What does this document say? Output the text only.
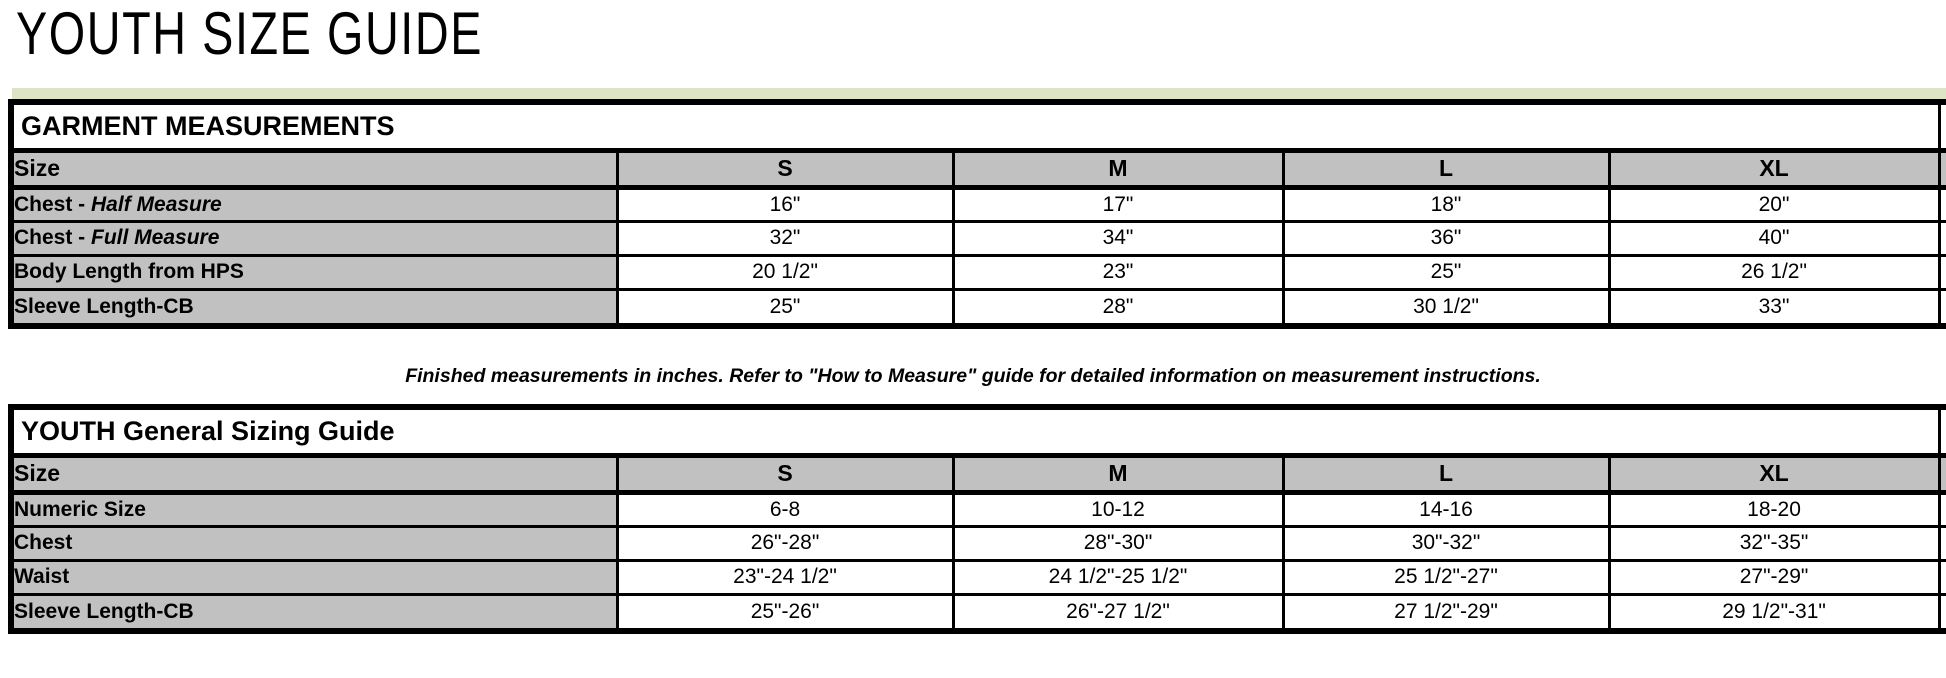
YOUTH SIZE GUIDE
GARMENT MEASUREMENTS					
Size	S	M	L	XL	
Chest - Half Measure	16"	17"	18"	20"	
Chest - Full Measure	32"	34"	36"	40"	
Body Length from HPS	20 1/2"	23"	25"	26 1/2"	
Sleeve Length-CB	25"	28"	30 1/2"	33"	
Finished measurements in inches. Refer to "How to Measure" guide for detailed information on measurement instructions.
YOUTH General Sizing Guide					
Size	S	M	L	XL	
Numeric Size	6-8	10-12	14-16	18-20	
Chest	26"-28"	28"-30"	30"-32"	32"-35"	
Waist	23"-24 1/2"	24 1/2"-25 1/2"	25 1/2"-27"	27"-29"	
Sleeve Length-CB	25"-26"	26"-27 1/2"	27 1/2"-29"	29 1/2"-31"	
